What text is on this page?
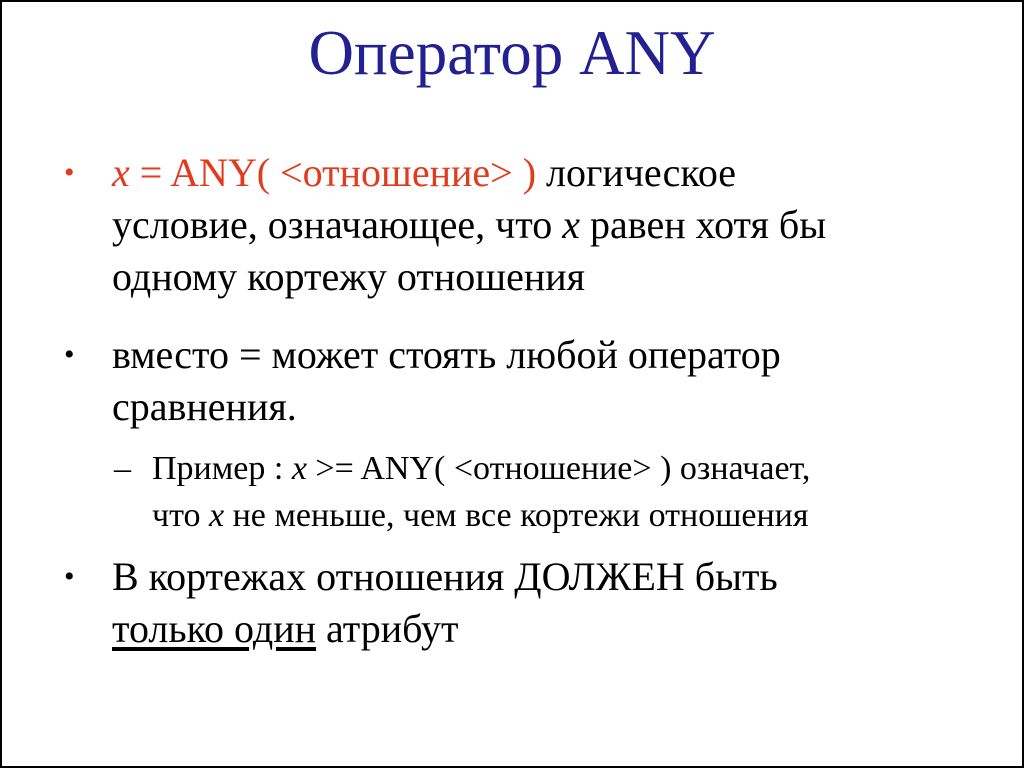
Оператор ANY
• x = ANY( <отношение> ) логическое
условие, означающее, что x равен хотя бы
одному кортежу отношения
• вместо = может стоять любой оператор
сравнения.
– Пример : x >= ANY( <отношение> ) означает,
что x не меньше, чем все кортежи отношения
• В кортежах отношения ДОЛЖЕН быть
только один атрибут
